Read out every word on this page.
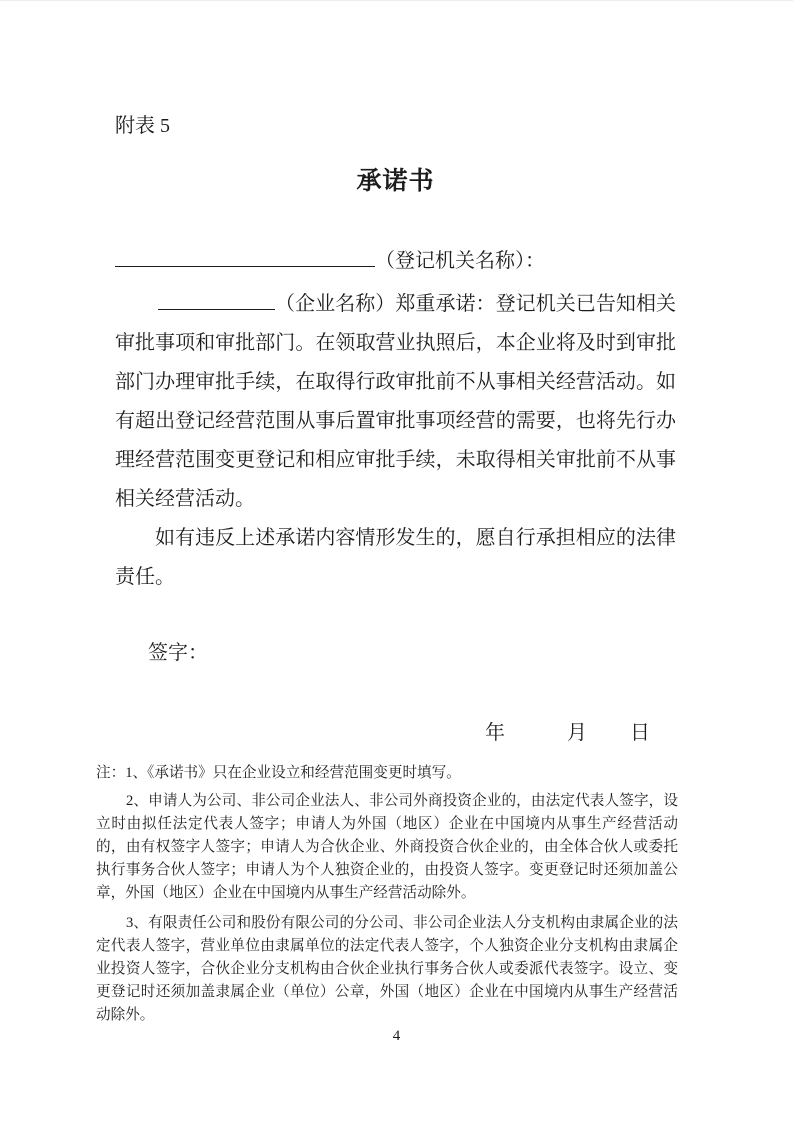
附表 5
承诺书
（登记机关名称）：

（企业名称）郑重承诺：登记机关已告知相关审批事项和审批部门。在领取营业执照后，本企业将及时到审批部门办理审批手续，在取得行政审批前不从事相关经营活动。如有超出登记经营范围从事后置审批事项经营的需要，也将先行办理经营范围变更登记和相应审批手续，未取得相关审批前不从事相关经营活动。

如有违反上述承诺内容情形发生的，愿自行承担相应的法律责任。

签字：
年	月 日

注：1、《承诺书》只在企业设立和经营范围变更时填写。

2、申请人为公司、非公司企业法人、非公司外商投资企业的，由法定代表人签字，设立时由拟任法定代表人签字；申请人为外国（地区）企业在中国境内从事生产经营活动的，由有权签字人签字；申请人为合伙企业、外商投资合伙企业的，由全体合伙人或委托执行事务合伙人签字；申请人为个人独资企业的，由投资人签字。变更登记时还须加盖公章，外国（地区）企业在中国境内从事生产经营活动除外。

3、有限责任公司和股份有限公司的分公司、非公司企业法人分支机构由隶属企业的法定代表人签字，营业单位由隶属单位的法定代表人签字，个人独资企业分支机构由隶属企业投资人签字，合伙企业分支机构由合伙企业执行事务合伙人或委派代表签字。设立、变更登记时还须加盖隶属企业（单位）公章，外国（地区）企业在中国境内从事生产经营活动除外。

4
